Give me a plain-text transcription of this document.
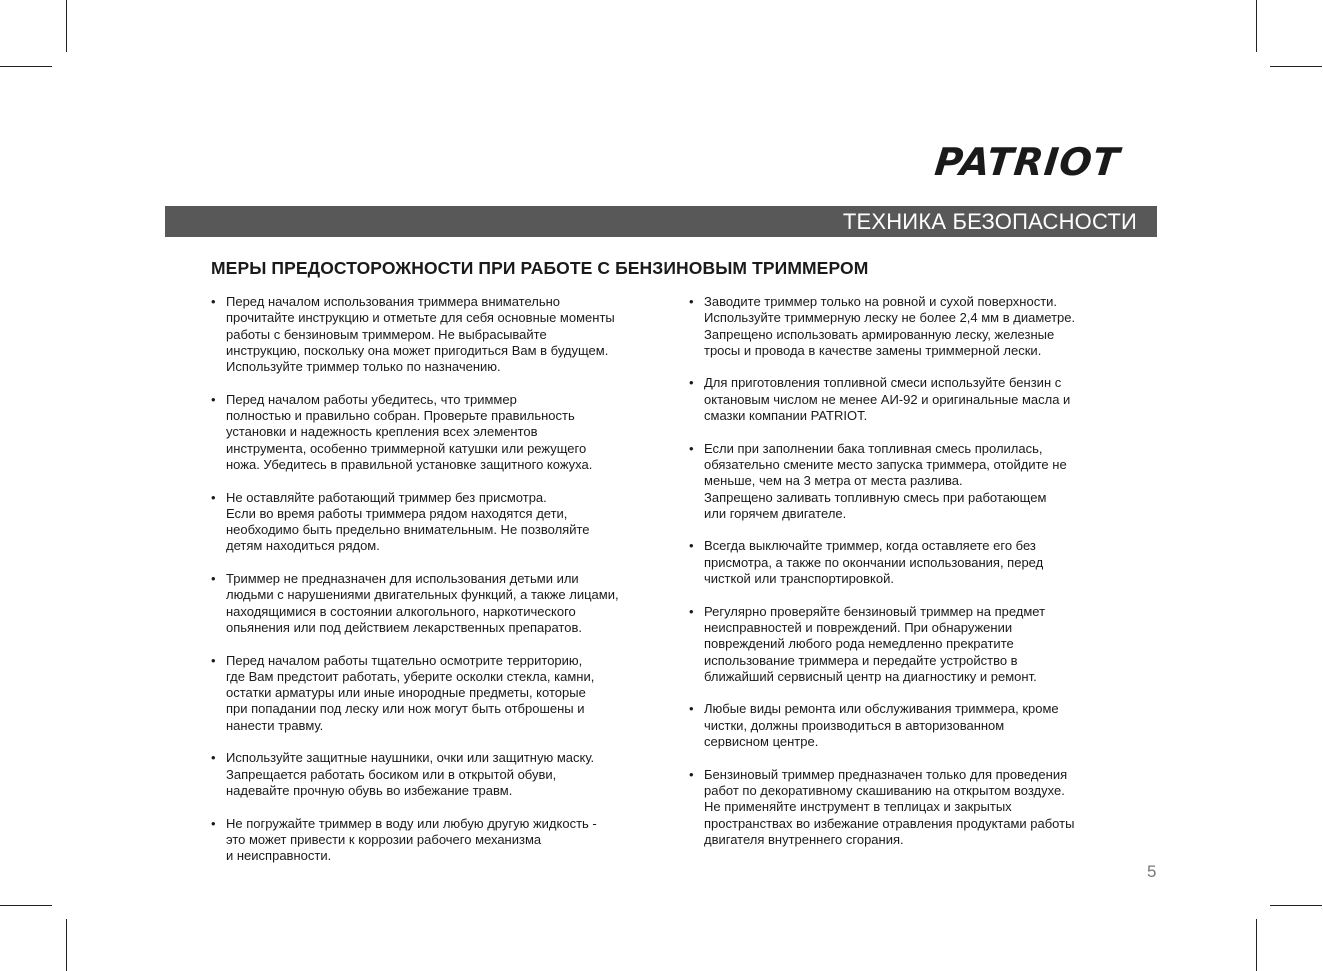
PATRIOT
ТЕХНИКА БЕЗОПАСНОСТИ
МЕРЫ ПРЕДОСТОРОЖНОСТИ ПРИ РАБОТЕ С БЕНЗИНОВЫМ ТРИММЕРОМ
• Перед началом использования триммера внимательно
прочитайте инструкцию и отметьте для себя основные моменты
работы с бензиновым триммером. Не выбрасывайте
инструкцию, поскольку она может пригодиться Вам в будущем.
Используйте триммер только по назначению.
• Перед началом работы убедитесь, что триммер
полностью и правильно собран. Проверьте правильность
установки и надежность крепления всех элементов
инструмента, особенно триммерной катушки или режущего
ножа. Убедитесь в правильной установке защитного кожуха.
• Не оставляйте работающий триммер без присмотра.
Если во время работы триммера рядом находятся дети,
необходимо быть предельно внимательным. Не позволяйте
детям находиться рядом.
• Триммер не предназначен для использования детьми или
людьми с нарушениями двигательных функций, а также лицами,
находящимися в состоянии алкогольного, наркотического
опьянения или под действием лекарственных препаратов.
• Перед началом работы тщательно осмотрите территорию,
где Вам предстоит работать, уберите осколки стекла, камни,
остатки арматуры или иные инородные предметы, которые
при попадании под леску или нож могут быть отброшены и
нанести травму.
• Используйте защитные наушники, очки или защитную маску.
Запрещается работать босиком или в открытой обуви,
надевайте прочную обувь во избежание травм.
• Не погружайте триммер в воду или любую другую жидкость -
это может привести к коррозии рабочего механизма
и неисправности.
• Заводите триммер только на ровной и сухой поверхности.
Используйте триммерную леску не более 2,4 мм в диаметре.
Запрещено использовать армированную леску, железные
тросы и провода в качестве замены триммерной лески.
• Для приготовления топливной смеси используйте бензин с
октановым числом не менее АИ-92 и оригинальные масла и
смазки компании PATRIOT.
• Если при заполнении бака топливная смесь пролилась,
обязательно смените место запуска триммера, отойдите не
меньше, чем на 3 метра от места разлива.
Запрещено заливать топливную смесь при работающем
или горячем двигателе.
• Всегда выключайте триммер, когда оставляете его без
присмотра, а также по окончании использования, перед
чисткой или транспортировкой.
• Регулярно проверяйте бензиновый триммер на предмет
неисправностей и повреждений. При обнаружении
повреждений любого рода немедленно прекратите
использование триммера и передайте устройство в
ближайший сервисный центр на диагностику и ремонт.
• Любые виды ремонта или обслуживания триммера, кроме
чистки, должны производиться в авторизованном
сервисном центре.
• Бензиновый триммер предназначен только для проведения
работ по декоративному скашиванию на открытом воздухе.
Не применяйте инструмент в теплицах и закрытых
пространствах во избежание отравления продуктами работы
двигателя внутреннего сгорания.
5
